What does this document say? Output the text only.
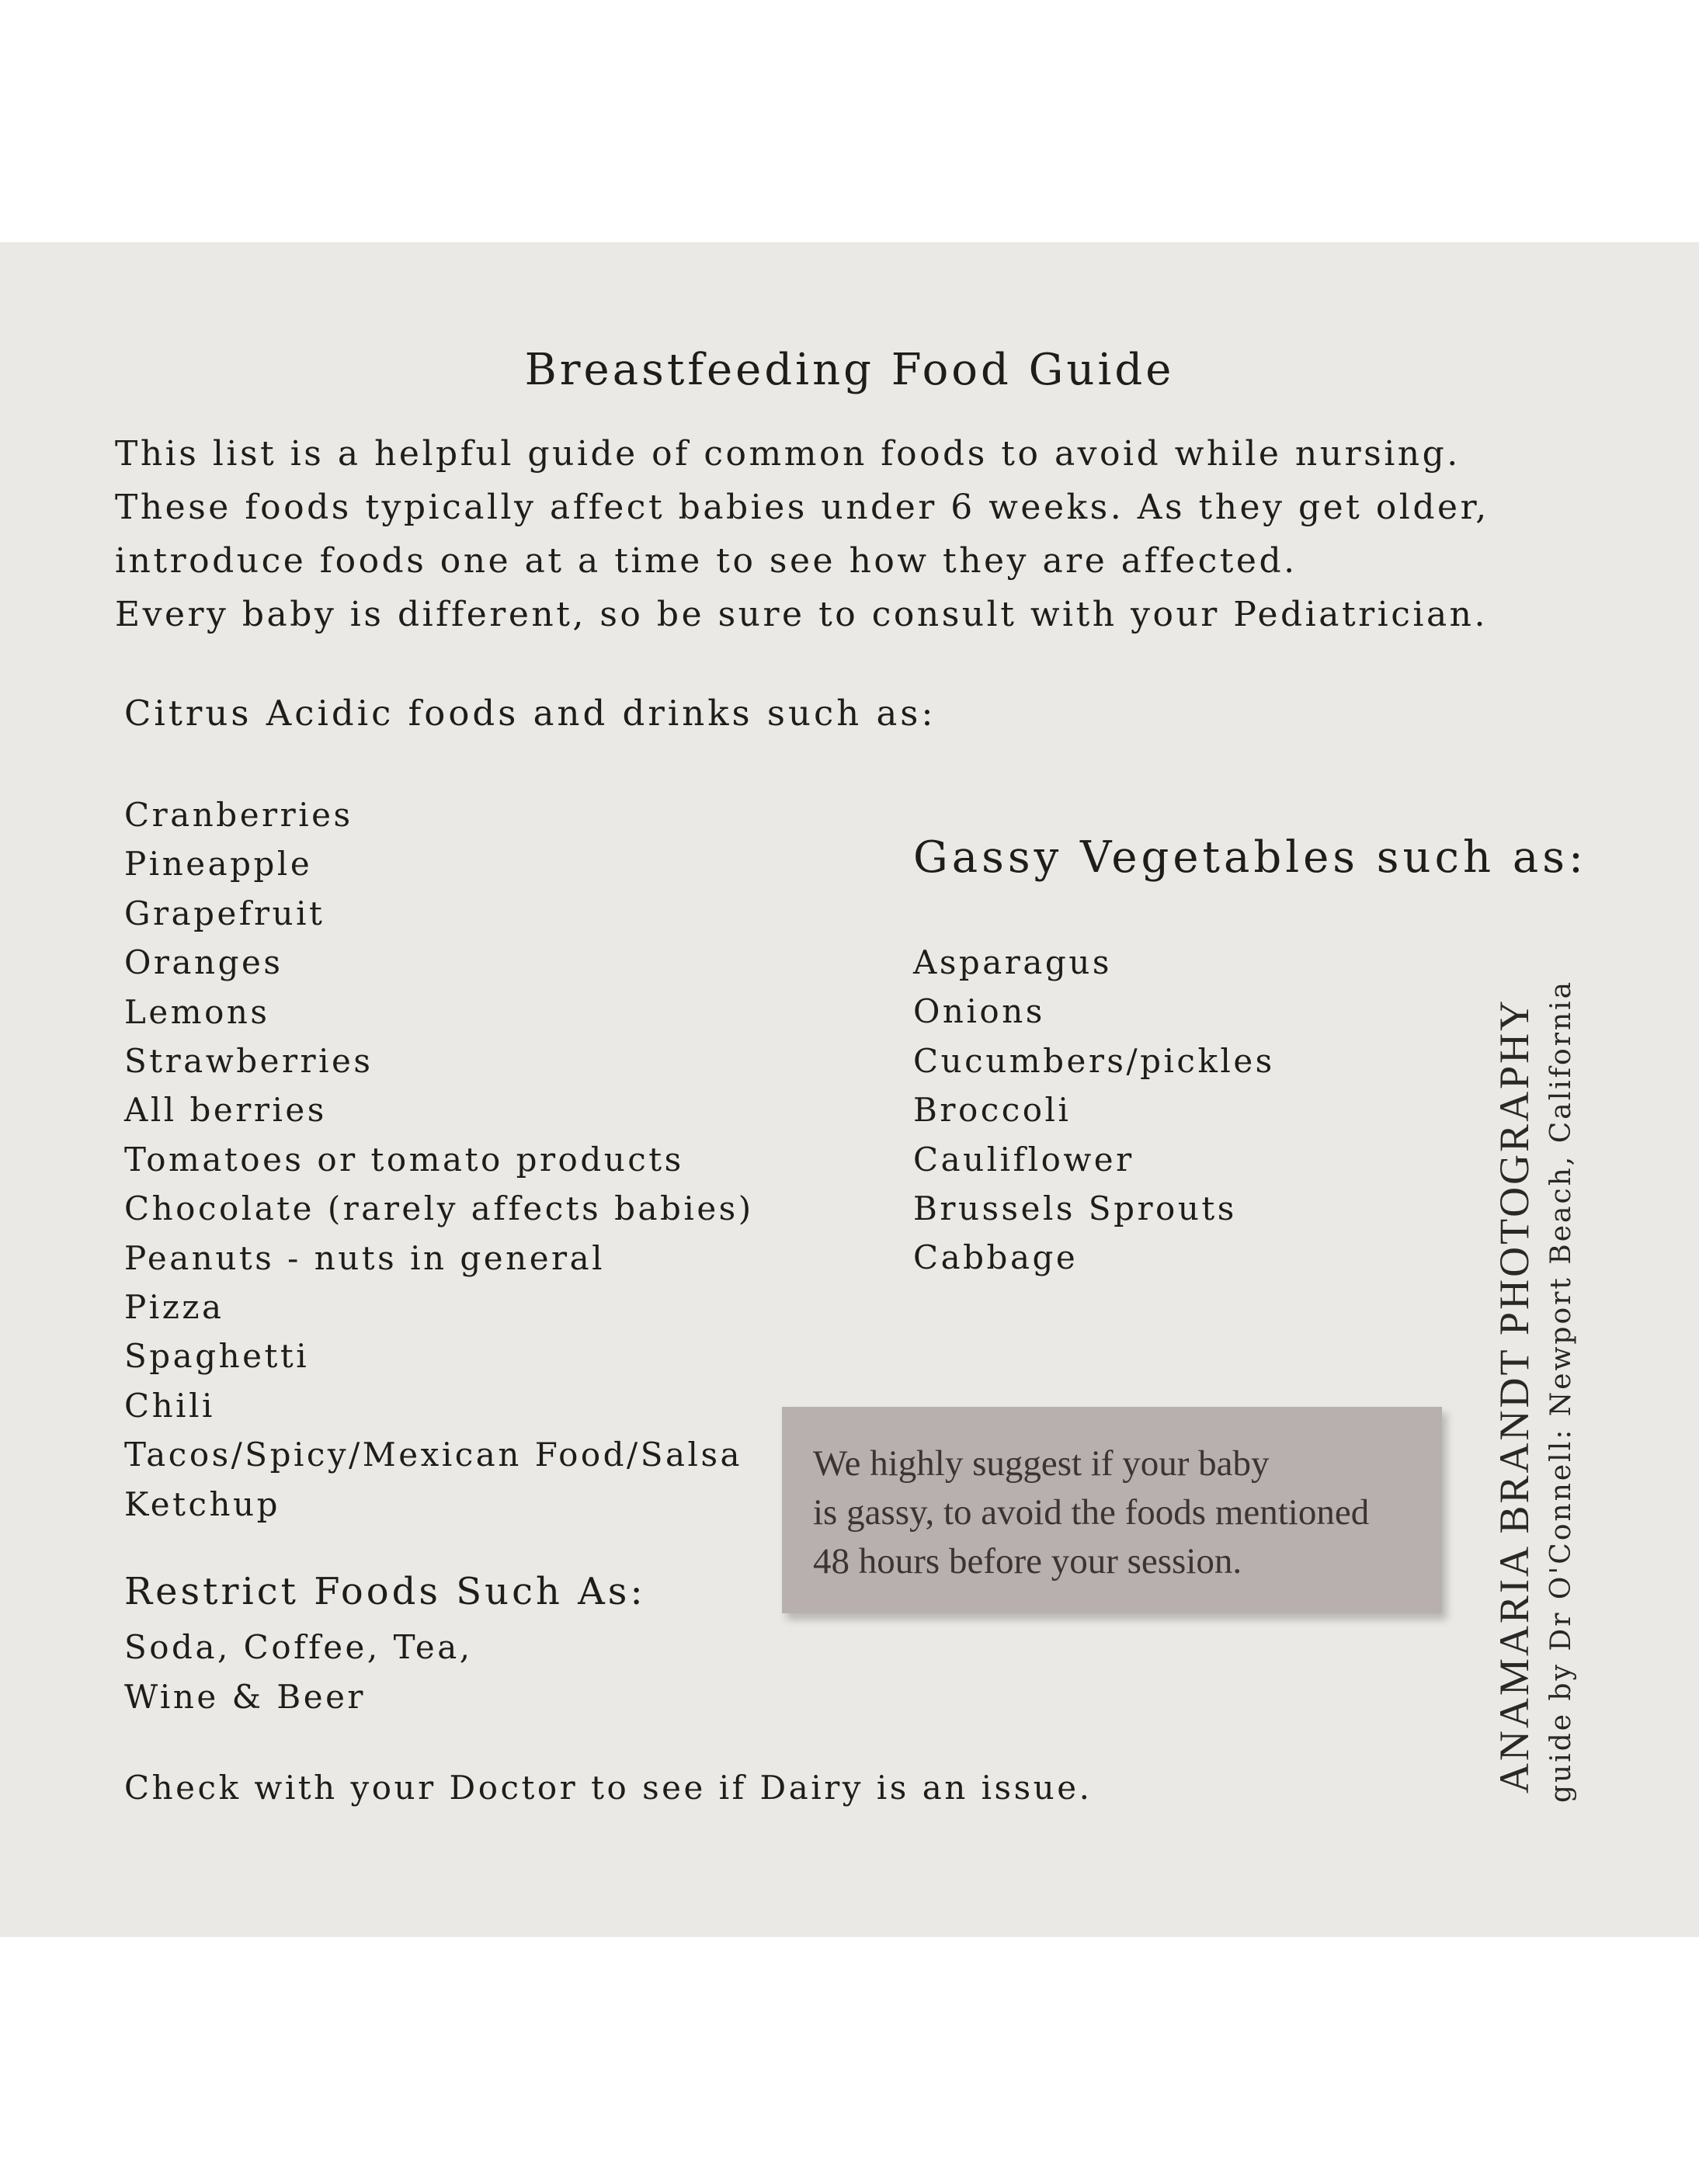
Breastfeeding Food Guide
This list is a helpful guide of common foods to avoid while nursing.
These foods typically affect babies under 6 weeks. As they get older,
introduce foods one at a time to see how they are affected.
Every baby is different, so be sure to consult with your Pediatrician.
Citrus Acidic foods and drinks such as:
Cranberries
Pineapple
Grapefruit
Oranges
Lemons
Strawberries
All berries
Tomatoes or tomato products
Chocolate (rarely affects babies)
Peanuts - nuts in general
Pizza
Spaghetti
Chili
Tacos/Spicy/Mexican Food/Salsa
Ketchup
Gassy Vegetables such as:
Asparagus
Onions
Cucumbers/pickles
Broccoli
Cauliflower
Brussels Sprouts
Cabbage
Restrict Foods Such As:
Soda, Coffee, Tea,
Wine & Beer
Check with your Doctor to see if Dairy is an issue.
We highly suggest if your baby
is gassy, to avoid the foods mentioned
48 hours before your session.	ANAMARIA BRANDT PHOTOGRAPHY guide by Dr O'Connell: Newport Beach, California
